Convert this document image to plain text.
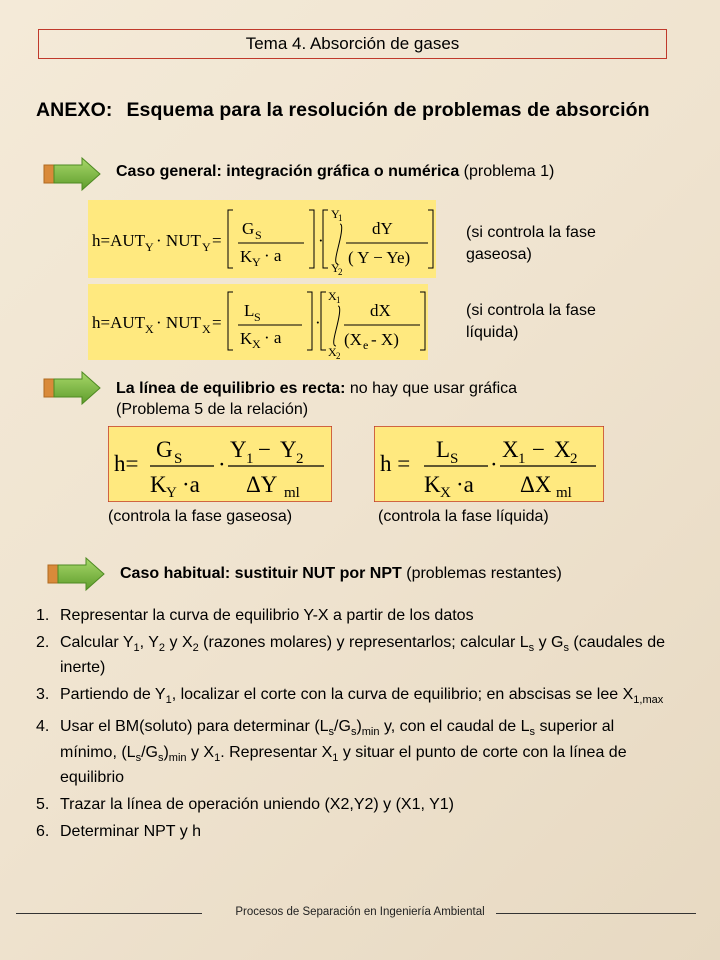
Tema 4. Absorción de gases
ANEXO: Esquema para la resolución de problemas de absorción
Caso general: integración gráfica o numérica (problema 1)
h=AUT Y · NUT Y =
G S
K Y · a
·
Y
1
Y
2
dY
( Y − Ye)
(si controla la fase
gaseosa)
h=AUT X · NUT X =
L S
K X · a
·
X 1
X 2
dX
(X e - X)
(si controla la fase
líquida)
La línea de equilibrio es recta: no hay que usar gráfica
(Problema 5 de la relación)
h=
G S
K Y ·a
·
Y 1 − Y 2
ΔY ml
h =
L S
K X ·a
·
X 1 − X 2
ΔX ml
(controla la fase gaseosa)	(controla la fase líquida)
Caso habitual: sustituir NUT por NPT (problemas restantes)
1. Representar la curva de equilibrio Y-X a partir de los datos
2. Calcular $Y_1$, $Y_2$ y $X_2$ (razones molares) y representarlos; calcular $L_s$ y $G_s$ (caudales de inerte)
3. Partiendo de $Y_1$, localizar el corte con la curva de equilibrio; en abscisas se lee $X_{1,max}$
4. Usar el BM(soluto) para determinar $(L_s/G_s)_{min}$ y, con el caudal de $L_s$ superior al mínimo, $(L_s/G_s)_{min}$ y $X_1$. Representar $X_1$ y situar el punto de corte con la línea de equilibrio
5. Trazar la línea de operación uniendo (X2,Y2) y (X1, Y1)
6. Determinar NPT y h
Procesos de Separación en Ingeniería Ambiental
